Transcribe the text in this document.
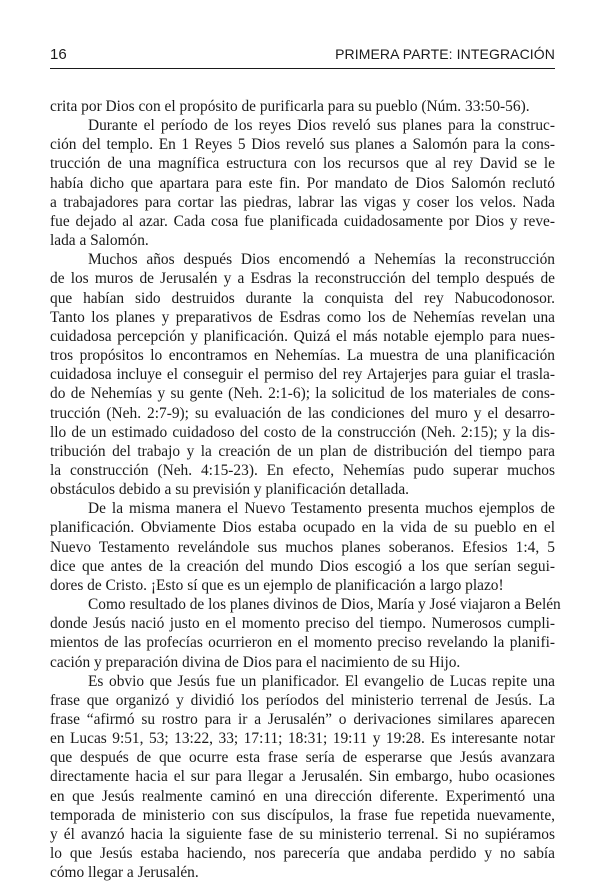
16	PRIMERA PARTE: INTEGRACIÓN
crita por Dios con el propósito de purificarla para su pueblo (Núm. 33:50-56).
Durante el período de los reyes Dios reveló sus planes para la construc-
ción del templo. En 1 Reyes 5 Dios reveló sus planes a Salomón para la cons-
trucción de una magnífica estructura con los recursos que al rey David se le
había dicho que apartara para este fin. Por mandato de Dios Salomón reclutó
a trabajadores para cortar las piedras, labrar las vigas y coser los velos. Nada
fue dejado al azar. Cada cosa fue planificada cuidadosamente por Dios y reve-
lada a Salomón.
Muchos años después Dios encomendó a Nehemías la reconstrucción
de los muros de Jerusalén y a Esdras la reconstrucción del templo después de
que habían sido destruidos durante la conquista del rey Nabucodonosor.
Tanto los planes y preparativos de Esdras como los de Nehemías revelan una
cuidadosa percepción y planificación. Quizá el más notable ejemplo para nues-
tros propósitos lo encontramos en Nehemías. La muestra de una planificación
cuidadosa incluye el conseguir el permiso del rey Artajerjes para guiar el trasla-
do de Nehemías y su gente (Neh. 2:1-6); la solicitud de los materiales de cons-
trucción (Neh. 2:7-9); su evaluación de las condiciones del muro y el desarro-
llo de un estimado cuidadoso del costo de la construcción (Neh. 2:15); y la dis-
tribución del trabajo y la creación de un plan de distribución del tiempo para
la construcción (Neh. 4:15-23). En efecto, Nehemías pudo superar muchos
obstáculos debido a su previsión y planificación detallada.
De la misma manera el Nuevo Testamento presenta muchos ejemplos de
planificación. Obviamente Dios estaba ocupado en la vida de su pueblo en el
Nuevo Testamento revelándole sus muchos planes soberanos. Efesios 1:4, 5
dice que antes de la creación del mundo Dios escogió a los que serían segui-
dores de Cristo. ¡Esto sí que es un ejemplo de planificación a largo plazo!
Como resultado de los planes divinos de Dios, María y José viajaron a Belén
donde Jesús nació justo en el momento preciso del tiempo. Numerosos cumpli-
mientos de las profecías ocurrieron en el momento preciso revelando la planifi-
cación y preparación divina de Dios para el nacimiento de su Hijo.
Es obvio que Jesús fue un planificador. El evangelio de Lucas repite una
frase que organizó y dividió los períodos del ministerio terrenal de Jesús. La
frase “afirmó su rostro para ir a Jerusalén” o derivaciones similares aparecen
en Lucas 9:51, 53; 13:22, 33; 17:11; 18:31; 19:11 y 19:28. Es interesante notar
que después de que ocurre esta frase sería de esperarse que Jesús avanzara
directamente hacia el sur para llegar a Jerusalén. Sin embargo, hubo ocasiones
en que Jesús realmente caminó en una dirección diferente. Experimentó una
temporada de ministerio con sus discípulos, la frase fue repetida nuevamente,
y él avanzó hacia la siguiente fase de su ministerio terrenal. Si no supiéramos
lo que Jesús estaba haciendo, nos parecería que andaba perdido y no sabía
cómo llegar a Jerusalén.
